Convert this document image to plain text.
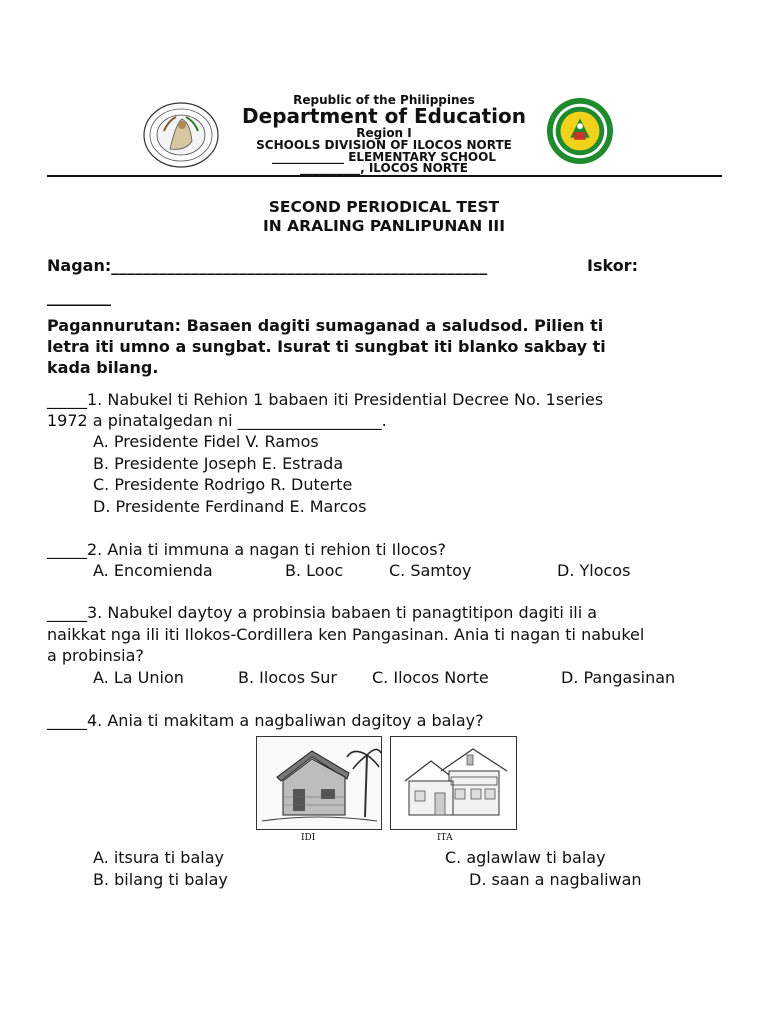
Republic of the Philippines
Department of Education
Region I
SCHOOLS DIVISION OF ILOCOS NORTE
____________ ELEMENTARY SCHOOL
__________, ILOCOS NORTE
SECOND PERIODICAL TEST
IN ARALING PANLIPUNAN III
Nagan:_______________________________________________	Iskor:
________
Pagannurutan: Basaen dagiti sumaganad a saludsod. Pilien ti
letra iti umno a sungbat. Isurat ti sungbat iti blanko sakbay ti
kada bilang.
_____1. Nabukel ti Rehion 1 babaen iti Presidential Decree No. 1series
1972 a pinatalgedan ni __________________.
A. Presidente Fidel V. Ramos
B. Presidente Joseph E. Estrada
C. Presidente Rodrigo R. Duterte
D. Presidente Ferdinand E. Marcos
_____2. Ania ti immuna a nagan ti rehion ti Ilocos?
A. Encomienda	B. Looc	C. Samtoy	D. Ylocos
_____3. Nabukel daytoy a probinsia babaen ti panagtitipon dagiti ili a
naikkat nga ili iti Ilokos-Cordillera ken Pangasinan. Ania ti nagan ti nabukel
a probinsia?
A. La Union	B. Ilocos Sur C. Ilocos Norte	D. Pangasinan
_____4. Ania ti makitam a nagbaliwan dagitoy a balay?
IDI	ITA
A. itsura ti balay	C. aglawlaw ti balay
B. bilang ti balay	D. saan a nagbaliwan
